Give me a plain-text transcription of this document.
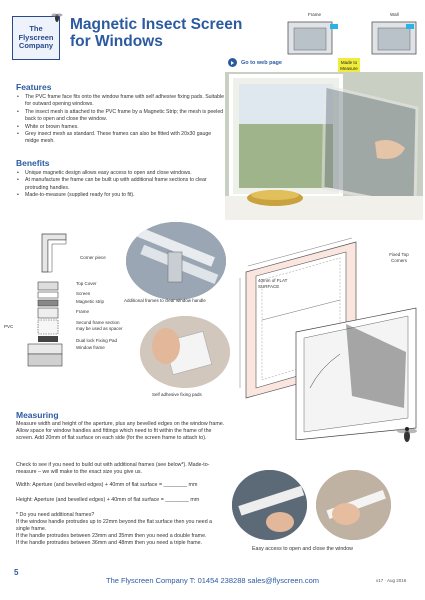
The
Flyscreen
Company
Magnetic Insect Screen
for Windows
Frame	Wall
Made to Measure
Go to web page
Features
• The PVC frame face fits onto the window frame with self adhesive fixing pads. Suitable for outward opening windows.
• The insect mesh is attached to the PVC frame by a Magnetic Strip; the mesh is peeled back to open and close the window.
• White or brown frames.
• Grey insect mesh as standard. These frames can also be fitted with 20x30 gauge midge mesh.
Benefits
• Unique magnetic design allows easy access to open and close windows.
• At manufacture the frame can be built up with additional frame sections to clear protruding handles.
• Made-to-measure (supplied ready for you to fit).
Corner piece
Top Cover
Screen
Magnetic strip
Frame
Second frame section may be used as spacer
Dual lock Fixing Pad
Window frame
PVC
Additional frames to clear window handle
Self adhesive fixing pads
Fixed Top Corners
40mm of FLAT SURFACE
Measuring
Measure width and height of the aperture, plus any bevelled edges on the window frame. Allow space for window handles and fittings which need to fit within the frame of the screen. Add 20mm of flat surface on each side (for the screen frame to attach to).
Check to see if you need to build out with additional frames (see below*). Made-to-measure – we will make to the exact size you give us.
Width: Aperture (and bevelled edges) + 40mm of flat surface = ________ mm
Height: Aperture (and bevelled edges) + 40mm of flat surface = ________ mm
* Do you need additional frames?
If the window handle protrudes up to 22mm beyond the flat surface then you need a single frame.
If the handle protrudes between 23mm and 35mm then you need a double frame.
If the handle protrudes between 36mm and 48mm then you need a triple frame.
Easy access to open and close the window
5
The Flyscreen Company T: 01454 238288 sales@flyscreen.com	v17 · Aug 2016
